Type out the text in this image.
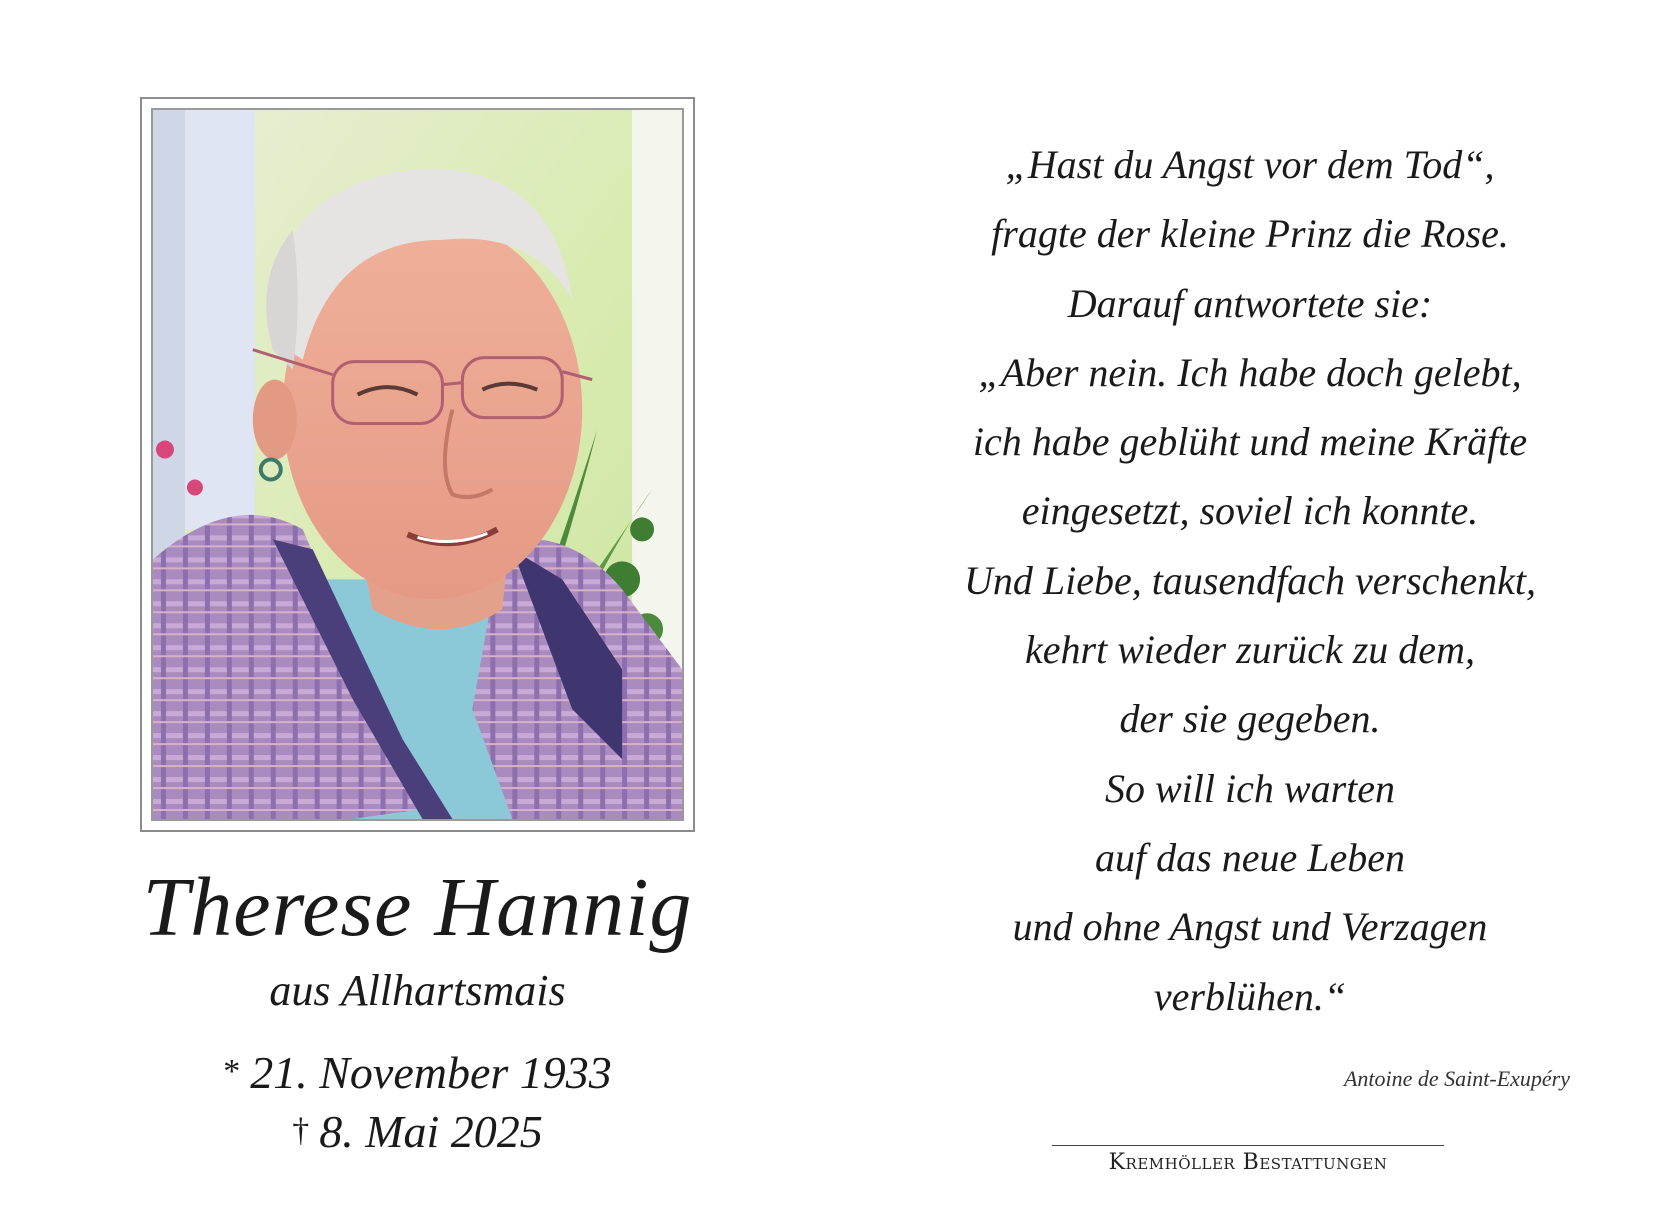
Therese Hannig
aus Allhartsmais
* 21. November 1933
† 8. Mai 2025
„Hast du Angst vor dem Tod“,
fragte der kleine Prinz die Rose.
Darauf antwortete sie:
„Aber nein. Ich habe doch gelebt,
ich habe geblüht und meine Kräfte
eingesetzt, soviel ich konnte.
Und Liebe, tausendfach verschenkt,
kehrt wieder zurück zu dem,
der sie gegeben.
So will ich warten
auf das neue Leben
und ohne Angst und Verzagen
verblühen.“
Antoine de Saint-Exupéry
Kremhöller Bestattungen
